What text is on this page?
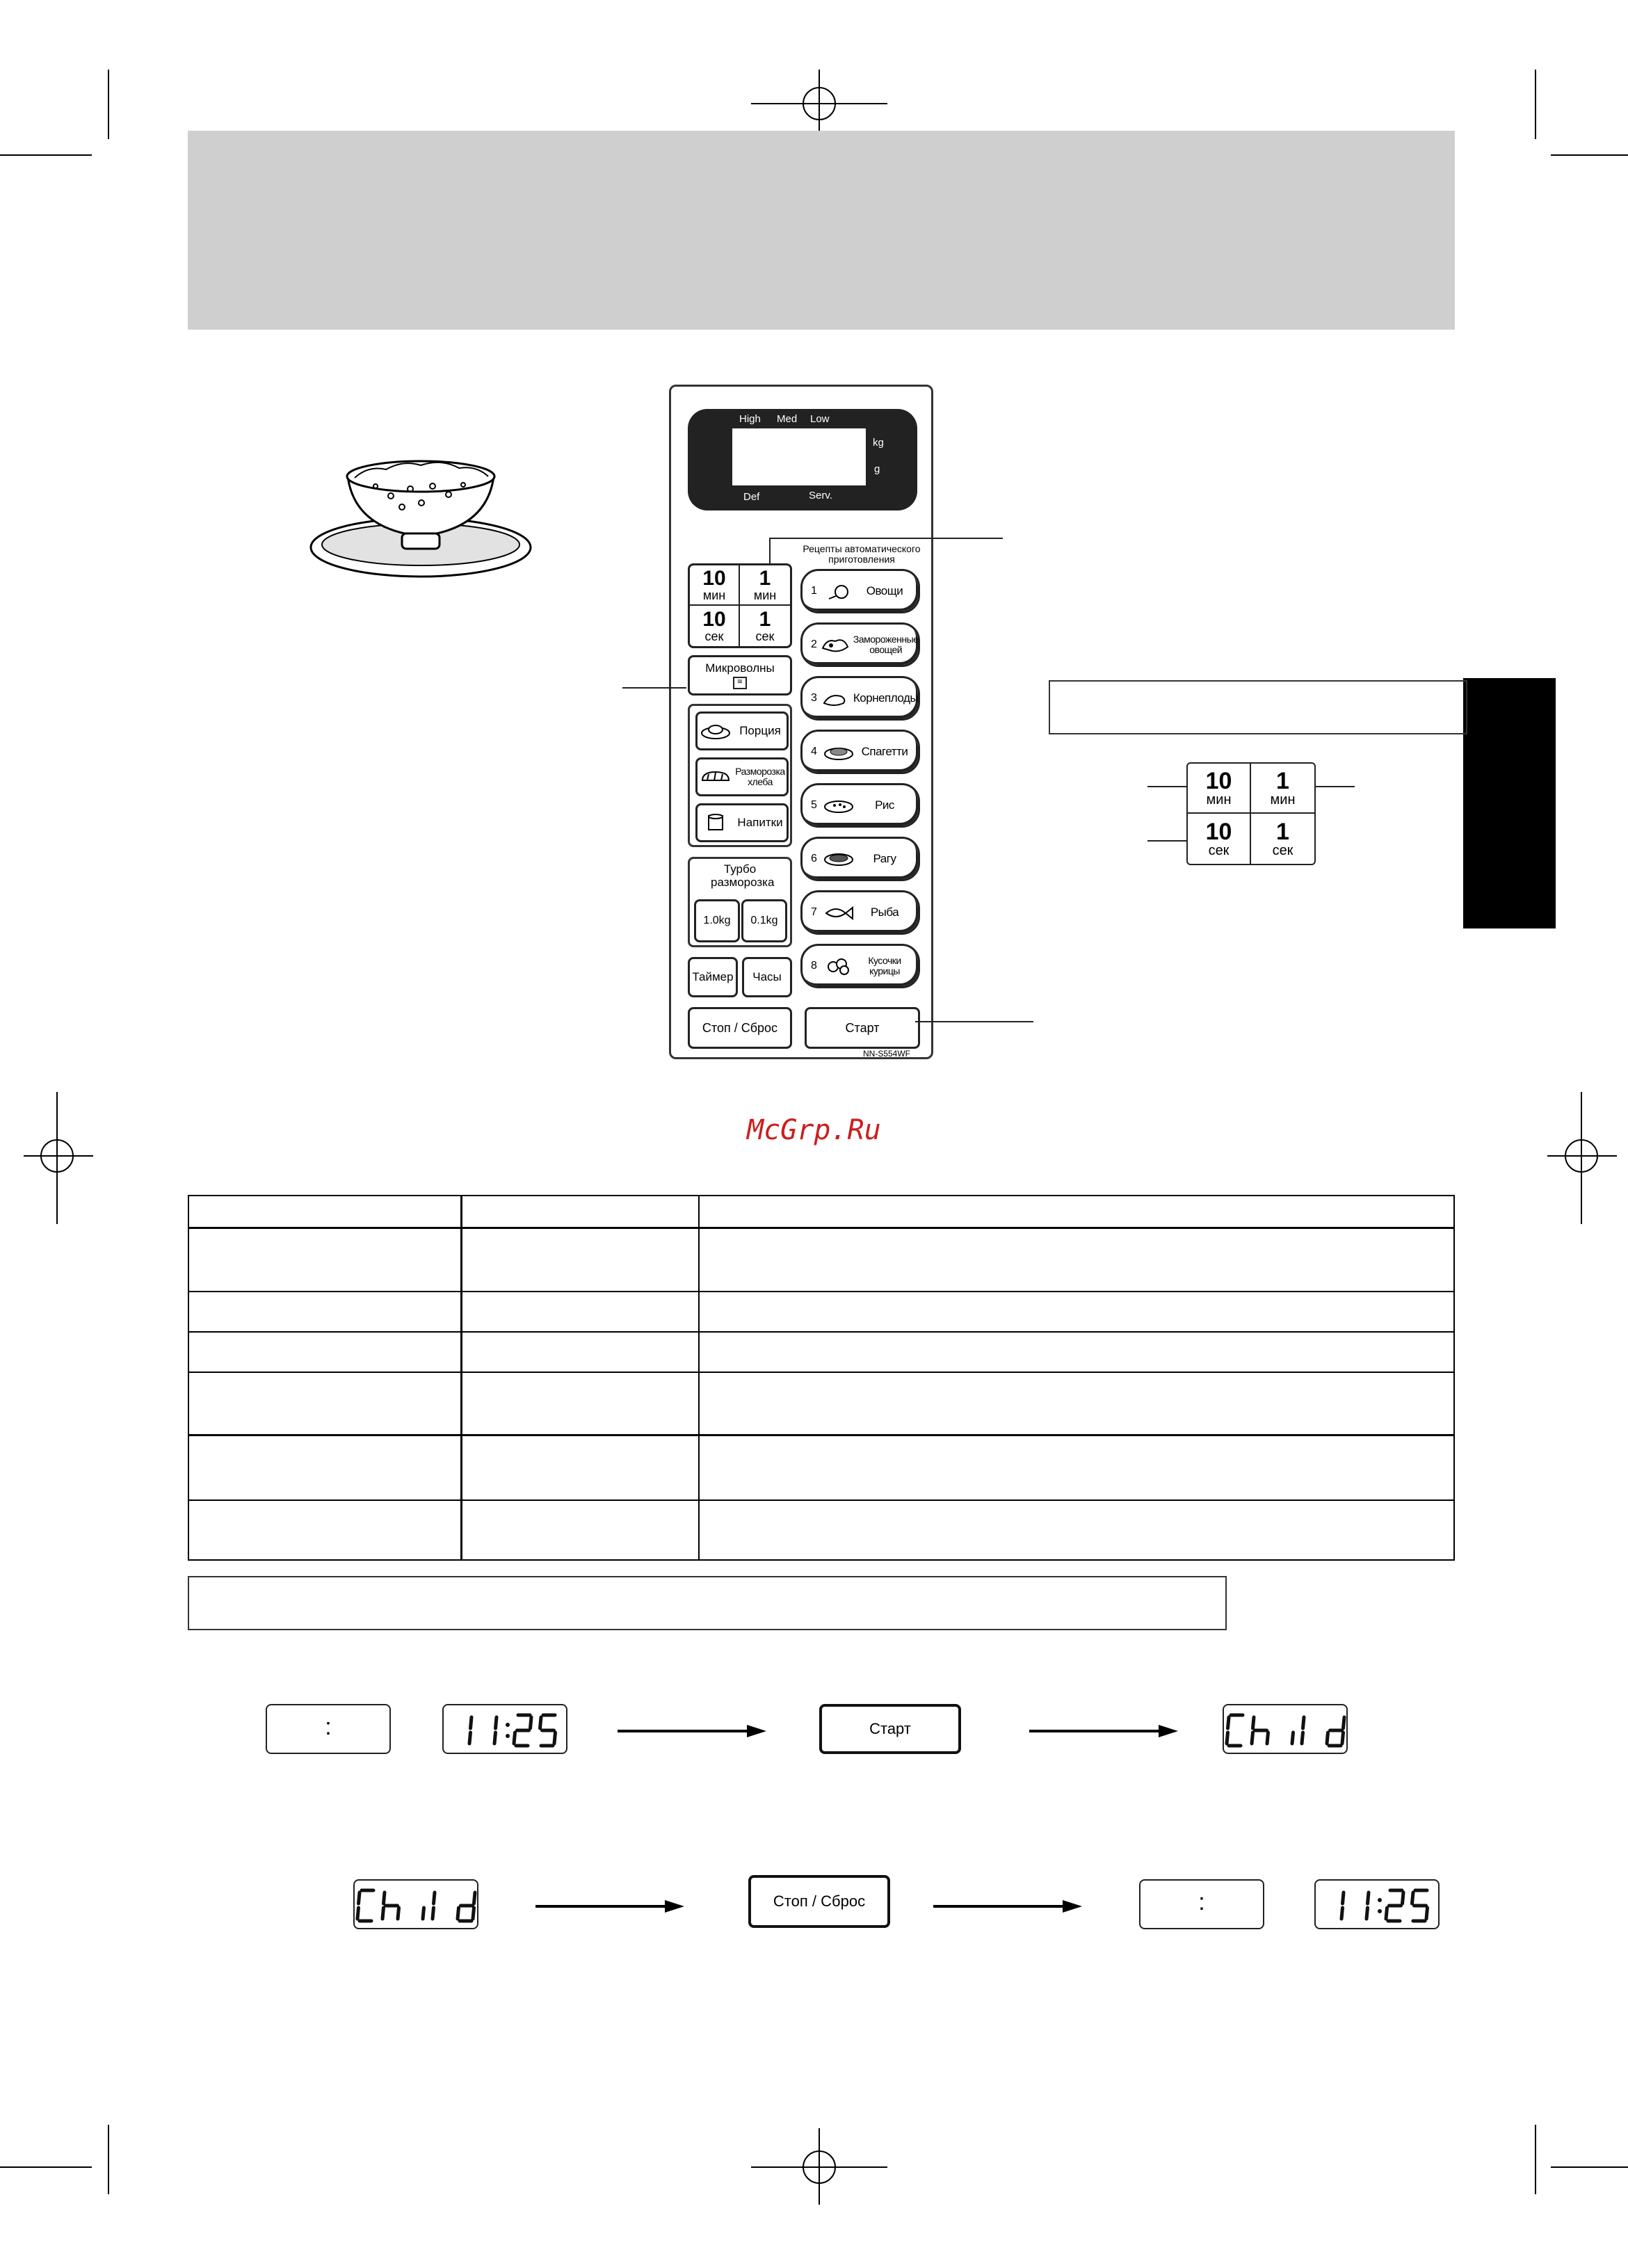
High Med Low
kg
g
Def	Serv.
10
мин
1
мин
10
сек
1
сек
Микроволны
≋
Порция
Разморозка хлеба
Напитки
Турбо разморозка
1.0kg	0.1kg
Таймер	Часы
Стоп / Сброс	Старт
NN-S554WF
Рецепты автоматического приготовления
1	Овощи
2	Замороженные овощей
3	Корнеплоды
4	Спагетти
5	Рис
6	Рагу
7	Рыба
8	Кусочки курицы
10
мин
1
мин
10
сек
1
сек
McGrp.Ru
:
11:25
Старт
Child
Child
Стоп / Сброс	:
11:25
